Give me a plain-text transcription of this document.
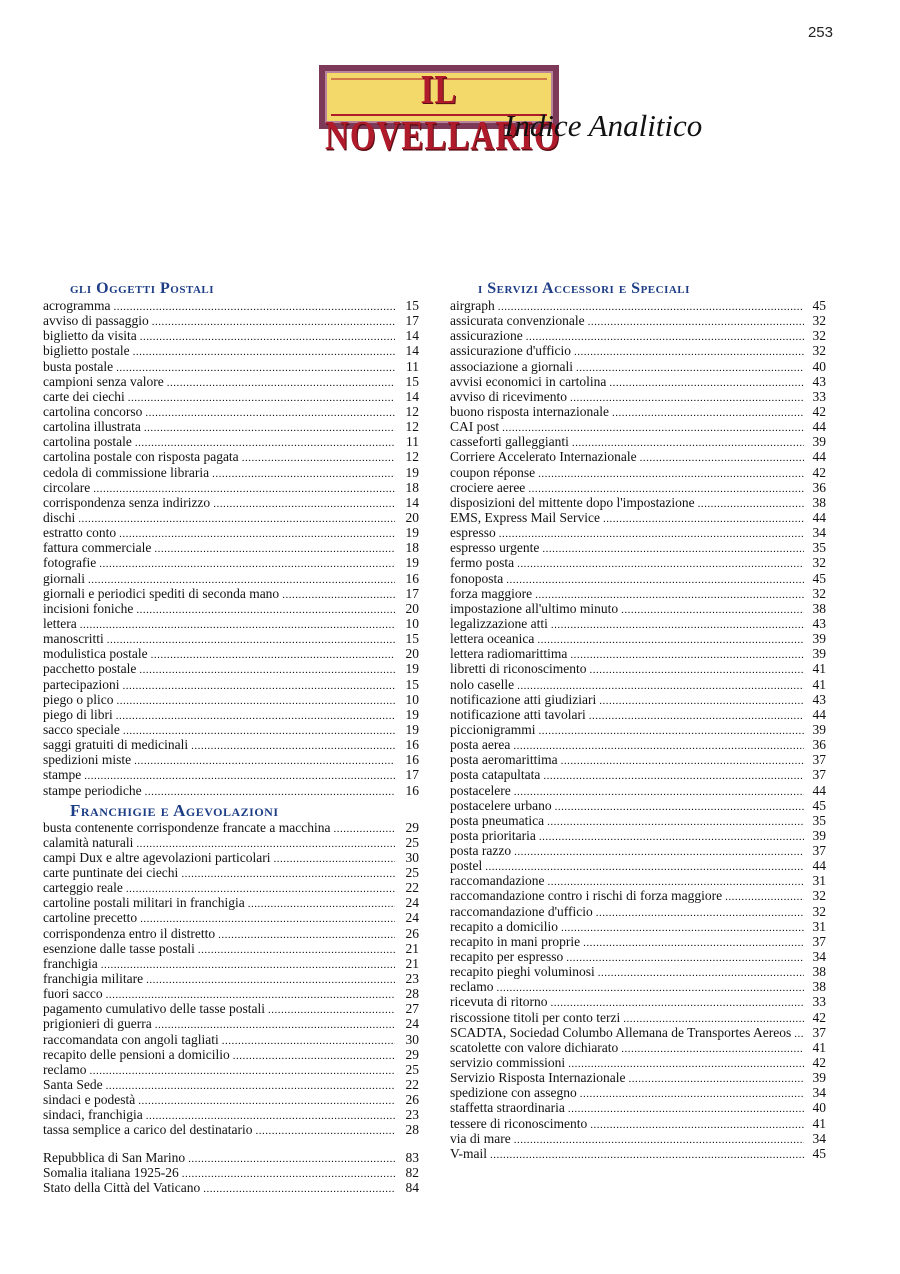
253
IL NOVELLARIO
Indice Analitico
gli Oggetti Postali
acrogramma .....	15
avviso di passaggio .....	17
biglietto da visita .....	14
biglietto postale .....	14
busta postale .....	11
campioni senza valore .....	15
carte dei ciechi .....	14
cartolina concorso .....	12
cartolina illustrata .....	12
cartolina postale .....	11
cartolina postale con risposta pagata .....	12
cedola di commissione libraria .....	19
circolare .....	18
corrispondenza senza indirizzo .....	14
dischi .....	20
estratto conto .....	19
fattura commerciale .....	18
fotografie .....	19
giornali .....	16
giornali e periodici spediti di seconda mano .....	17
incisioni foniche .....	20
lettera .....	10
manoscritti .....	15
modulistica postale .....	20
pacchetto postale .....	19
partecipazioni .....	15
piego o plico .....	10
piego di libri .....	19
sacco speciale .....	19
saggi gratuiti di medicinali .....	16
spedizioni miste .....	16
stampe .....	17
stampe periodiche .....	16
Franchigie e Agevolazioni
busta contenente corrispondenze francate a macchina .....	29
calamità naturali .....	25
campi Dux e altre agevolazioni particolari .....	30
carte puntinate dei ciechi .....	25
carteggio reale .....	22
cartoline postali militari in franchigia .....	24
cartoline precetto .....	24
corrispondenza entro il distretto .....	26
esenzione dalle tasse postali .....	21
franchigia .....	21
franchigia militare .....	23
fuori sacco .....	28
pagamento cumulativo delle tasse postali .....	27
prigionieri di guerra .....	24
raccomandata con angoli tagliati .....	30
recapito delle pensioni a domicilio .....	29
reclamo .....	25
Santa Sede .....	22
sindaci e podestà .....	26
sindaci, franchigia .....	23
tassa semplice a carico del destinatario .....	28
Repubblica di San Marino .....	83
Somalia italiana 1925-26 .....	82
Stato della Città del Vaticano .....	84
i Servizi Accessori e Speciali
airgraph .....	45
assicurata convenzionale .....	32
assicurazione .....	32
assicurazione d'ufficio .....	32
associazione a giornali .....	40
avvisi economici in cartolina .....	43
avviso di ricevimento .....	33
buono risposta internazionale .....	42
CAI post .....	44
casseforti galleggianti .....	39
Corriere Accelerato Internazionale .....	44
coupon réponse .....	42
crociere aeree .....	36
disposizioni del mittente dopo l'impostazione .....	38
EMS, Express Mail Service .....	44
espresso .....	34
espresso urgente .....	35
fermo posta .....	32
fonoposta .....	45
forza maggiore .....	32
impostazione all'ultimo minuto .....	38
legalizzazione atti .....	43
lettera oceanica .....	39
lettera radiomarittima .....	39
libretti di riconoscimento .....	41
nolo caselle .....	41
notificazione atti giudiziari .....	43
notificazione atti tavolari .....	44
piccionigrammi .....	39
posta aerea .....	36
posta aeromarittima .....	37
posta catapultata .....	37
postacelere .....	44
postacelere urbano .....	45
posta pneumatica .....	35
posta prioritaria .....	39
posta razzo .....	37
postel .....	44
raccomandazione .....	31
raccomandazione contro i rischi di forza maggiore .....	32
raccomandazione d'ufficio .....	32
recapito a domicilio .....	31
recapito in mani proprie .....	37
recapito per espresso .....	34
recapito pieghi voluminosi .....	38
reclamo .....	38
ricevuta di ritorno .....	33
riscossione titoli per conto terzi .....	42
SCADTA, Sociedad Columbo Allemana de Transportes Aereos ..... 37
scatolette con valore dichiarato .....	41
servizio commissioni .....	42
Servizio Risposta Internazionale .....	39
spedizione con assegno .....	34
staffetta straordinaria .....	40
tessere di riconoscimento .....	41
via di mare .....	34
V-mail .....	45
